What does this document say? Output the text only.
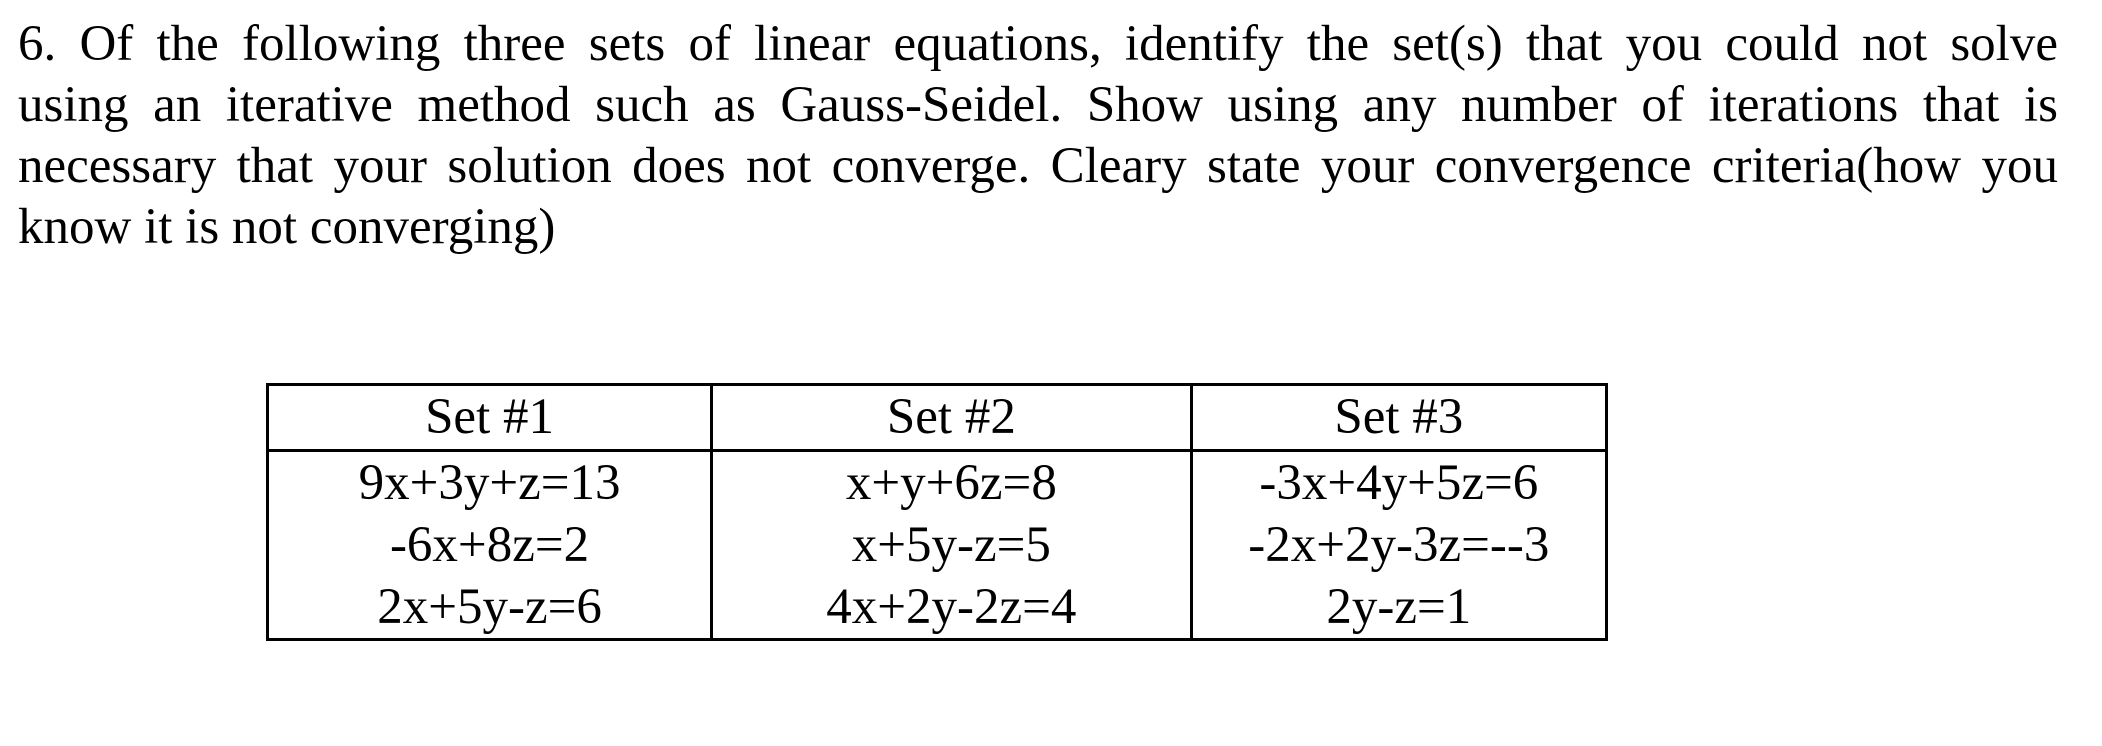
6. Of the following three sets of linear equations, identify the set(s) that you could not solve
using an iterative method such as Gauss-Seidel. Show using any number of iterations that is
necessary that your solution does not converge. Cleary state your convergence criteria(how you
know it is not converging)
Set #1	Set #2	Set #3

9x+3y+z=13
-6x+8z=2
2x+5y-z=6	x+y+6z=8
x+5y-z=5
4x+2y-2z=4	-3x+4y+5z=6
-2x+2y-3z=--3
2y-z=1
